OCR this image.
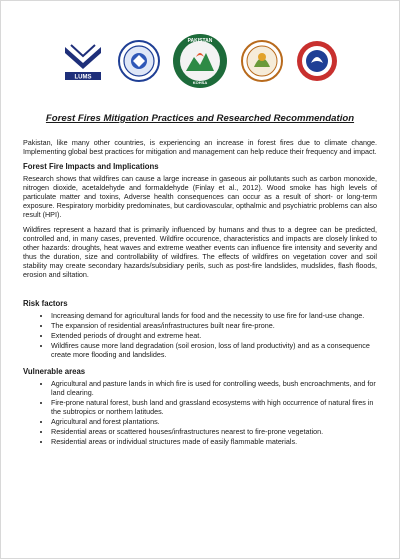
LUMS
PAKISTAN
KOHSA
Forest Fires Mitigation Practices and Researched Recommendation

Pakistan, like many other countries, is experiencing an increase in forest fires due to climate change. Implementing global best practices for mitigation and management can help reduce their frequency and impact.

Forest Fire Impacts and Implications

Research shows that wildfires can cause a large increase in gaseous air pollutants such as carbon monoxide, nitrogen dioxide, acetaldehyde and formaldehyde (Finlay et al., 2012). Wood smoke has high levels of particulate matter and toxins, Adverse health consequences can occur as a result of short- or long-term exposure. Respiratory morbidity predominates, but cardiovascular, opthalmic and psychiatric problems can also result (HPI).

Wildfires represent a hazard that is primarily influenced by humans and thus to a degree can be predicted, controlled and, in many cases, prevented. Wildfire occurence, characteristics and impacts are closely linked to other hazards: droughts, heat waves and extreme weather events can influence fire intensity and severity and thus the duration, size and controllability of wildfires. The effects of wildfires on vegetation cover and soil stability may create secondary hazards/subsidiary perils, such as post-fire landslides, mudslides, flash floods, erosion and siltation.

Risk factors
• Increasing demand for agricultural lands for food and the necessity to use fire for land-use change.
• The expansion of residential areas/infrastructures built near fire-prone.
• Extended periods of drought and extreme heat.
• Wildfires cause more land degradation (soil erosion, loss of land productivity) and as a consequence create more flooding and landslides.
Vulnerable areas
• Agricultural and pasture lands in which fire is used for controlling weeds, bush encroachments, and for land clearing.
• Fire-prone natural forest, bush land and grassland ecosystems with high occurrence of natural fires in the subtropics or northern latitudes.
• Agricultural and forest plantations.
• Residential areas or scattered houses/infrastructures nearest to fire-prone vegetation.
• Residential areas or individual structures made of easily flammable materials.
